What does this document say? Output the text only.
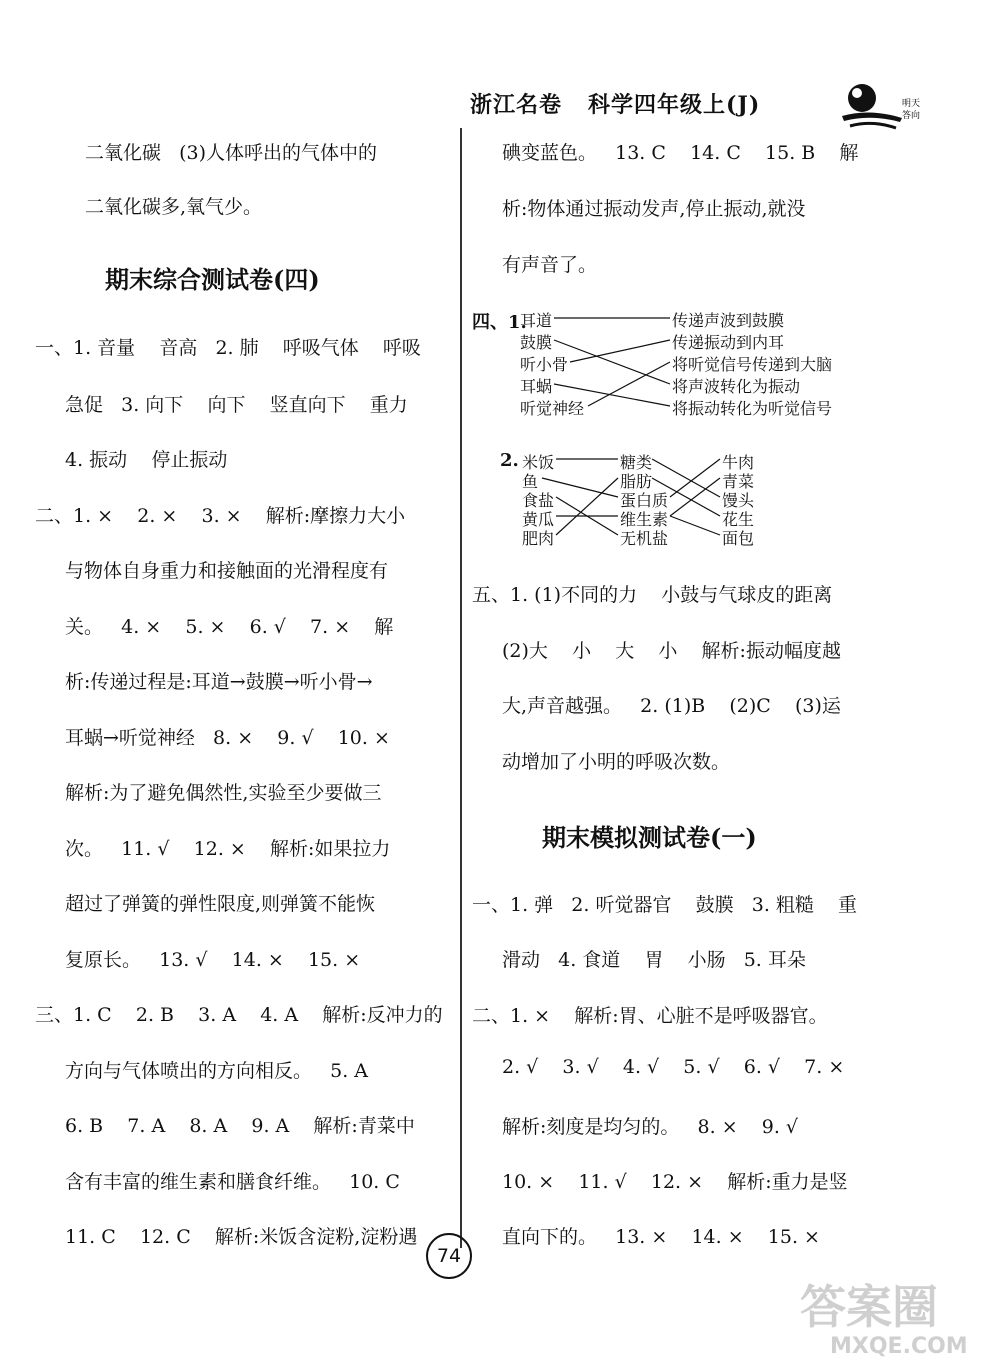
浙江名卷 科学四年级上(J)	明天
答向
二氧化碳   (3)人体呼出的气体中的
二氧化碳多,氧气少。
期末综合测试卷(四)
一、1. 音量    音高   2. 肺    呼吸气体    呼吸
急促   3. 向下    向下    竖直向下    重力
4. 振动    停止振动
二、1. ×    2. ×    3. ×    解析:摩擦力大小
与物体自身重力和接触面的光滑程度有
关。   4. ×    5. ×    6. √    7. ×    解
析:传递过程是:耳道→鼓膜→听小骨→
耳蜗→听觉神经   8. ×    9. √    10. ×
解析:为了避免偶然性,实验至少要做三
次。   11. √    12. ×    解析:如果拉力
超过了弹簧的弹性限度,则弹簧不能恢
复原长。   13. √    14. ×    15. ×
三、1. C    2. B    3. A    4. A    解析:反冲力的
方向与气体喷出的方向相反。   5. A
6. B    7. A    8. A    9. A    解析:青菜中
含有丰富的维生素和膳食纤维。   10. C
11. C    12. C    解析:米饭含淀粉,淀粉遇
碘变蓝色。   13. C    14. C    15. B    解
析:物体通过振动发声,停止振动,就没
有声音了。
四、1.
耳道
鼓膜
听小骨
耳蜗
听觉神经
传递声波到鼓膜
传递振动到内耳
将听觉信号传递到大脑
将声波转化为振动
将振动转化为听觉信号
2. 米饭
鱼
食盐
黄瓜
肥肉
糖类
脂肪
蛋白质
维生素
无机盐
牛肉
青菜
馒头
花生
面包
五、1. (1)不同的力    小鼓与气球皮的距离
(2)大    小    大    小    解析:振动幅度越
大,声音越强。   2. (1)B    (2)C    (3)运
动增加了小明的呼吸次数。
期末模拟测试卷(一)
一、1. 弹   2. 听觉器官    鼓膜   3. 粗糙    重
滑动   4. 食道    胃    小肠   5. 耳朵
二、1. ×    解析:胃、心脏不是呼吸器官。
2. √    3. √    4. √    5. √    6. √    7. ×
解析:刻度是均匀的。   8. ×    9. √
10. ×    11. √    12. ×    解析:重力是竖
直向下的。   13. ×    14. ×    15. ×
74
答案圈
MXQE.COM
